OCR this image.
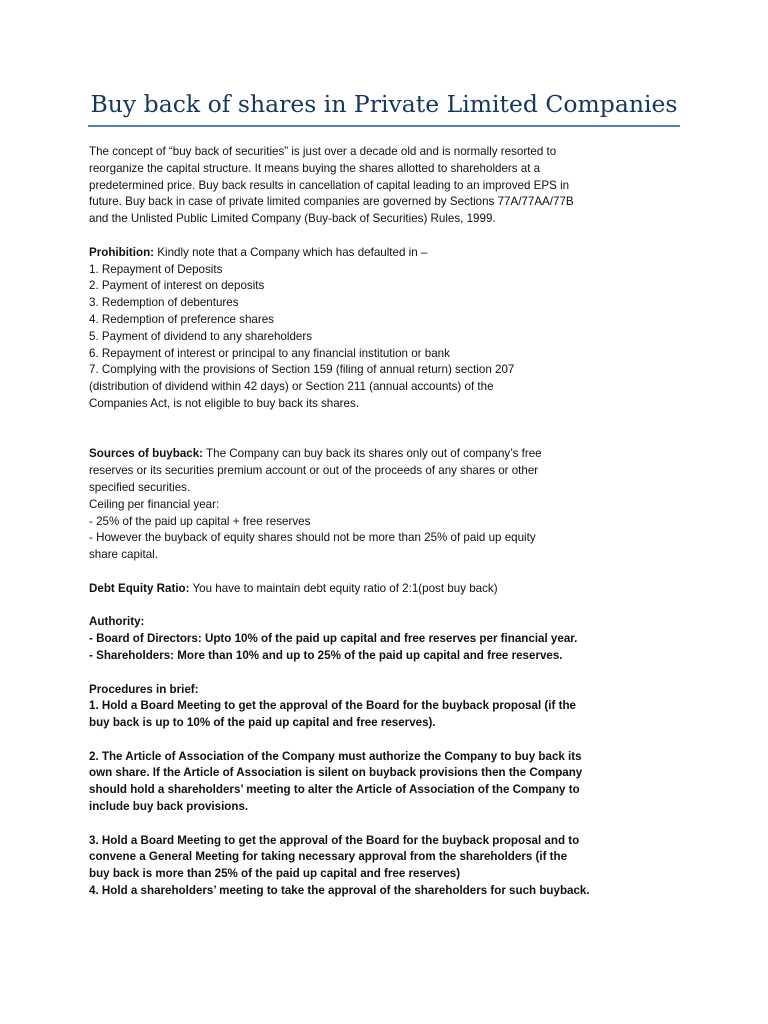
Buy back of shares in Private Limited Companies
The concept of “buy back of securities” is just over a decade old and is normally resorted to
reorganize the capital structure. It means buying the shares allotted to shareholders at a
predetermined price. Buy back results in cancellation of capital leading to an improved EPS in
future. Buy back in case of private limited companies are governed by Sections 77A/77AA/77B
and the Unlisted Public Limited Company (Buy-back of Securities) Rules, 1999.
Prohibition: Kindly note that a Company which has defaulted in –
1. Repayment of Deposits
2. Payment of interest on deposits
3. Redemption of debentures
4. Redemption of preference shares
5. Payment of dividend to any shareholders
6. Repayment of interest or principal to any financial institution or bank
7. Complying with the provisions of Section 159 (filing of annual return) section 207
(distribution of dividend within 42 days) or Section 211 (annual accounts) of the
Companies Act, is not eligible to buy back its shares.
Sources of buyback: The Company can buy back its shares only out of company’s free
reserves or its securities premium account or out of the proceeds of any shares or other
specified securities.
Ceiling per financial year:
- 25% of the paid up capital + free reserves
- However the buyback of equity shares should not be more than 25% of paid up equity
share capital.
Debt Equity Ratio: You have to maintain debt equity ratio of 2:1(post buy back)
Authority:
- Board of Directors: Upto 10% of the paid up capital and free reserves per financial year.
- Shareholders: More than 10% and up to 25% of the paid up capital and free reserves.
Procedures in brief:
1. Hold a Board Meeting to get the approval of the Board for the buyback proposal (if the
buy back is up to 10% of the paid up capital and free reserves).
2. The Article of Association of the Company must authorize the Company to buy back its
own share. If the Article of Association is silent on buyback provisions then the Company
should hold a shareholders’ meeting to alter the Article of Association of the Company to
include buy back provisions.
3. Hold a Board Meeting to get the approval of the Board for the buyback proposal and to
convene a General Meeting for taking necessary approval from the shareholders (if the
buy back is more than 25% of the paid up capital and free reserves)
4. Hold a shareholders’ meeting to take the approval of the shareholders for such buyback.
